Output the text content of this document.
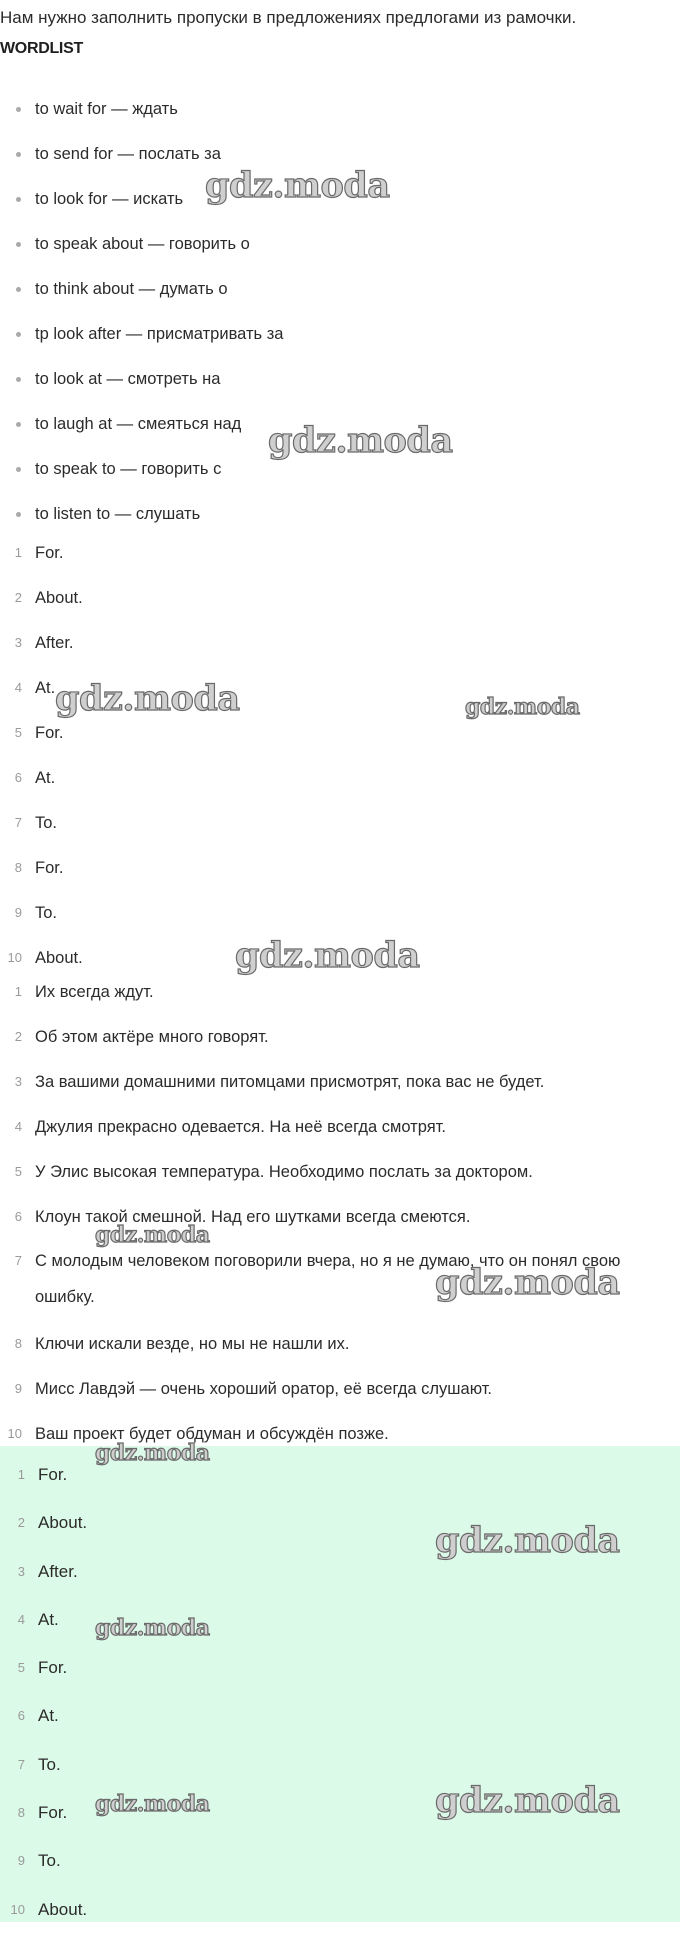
Нам нужно заполнить пропуски в предложениях предлогами из рамочки.
WORDLIST
to wait for — ждать
to send for — послать за
to look for — искать
to speak about — говорить о
to think about — думать о
tp look after — присматривать за
to look at — смотреть на
to laugh at — смеяться над
to speak to — говорить с
to listen to — слушать
1 For.
2 About.
3 After.
4 At.
5 For.
6 At.
7 To.
8 For.
9 To.
10 About.
1 Их всегда ждут.
2 Об этом актёре много говорят.
3 За вашими домашними питомцами присмотрят, пока вас не будет.
4 Джулия прекрасно одевается. На неё всегда смотрят.
5 У Элис высокая температура. Необходимо послать за доктором.
6 Клоун такой смешной. Над его шутками всегда смеются.
7 С молодым человеком поговорили вчера, но я не думаю, что он понял свою ошибку.
8 Ключи искали везде, но мы не нашли их.
9 Мисс Лавдэй — очень хороший оратор, её всегда слушают.
10 Ваш проект будет обдуман и обсуждён позже.
1 For.
2 About.
3 After.
4 At.
5 For.
6 At.
7 To.
8 For.
9 To.
10 About.
gdz.moda
gdz.moda
gdz.moda	gdz.moda
gdz.moda
gdz.moda
gdz.moda
gdz.moda
gdz.moda
gdz.moda
gdz.moda
gdz.moda
